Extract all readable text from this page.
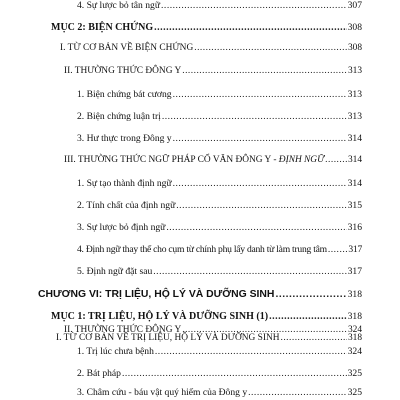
4. Sự lược bỏ tân ngữ .....	307
MỤC 2: BIỆN CHỨNG .....	308
I. TỪ CƠ BẢN VỀ BIỆN CHỨNG .....	308
II. THƯỜNG THỨC ĐÔNG Y .....	313
1. Biện chứng bát cương .....	313
2. Biện chứng luận trị .....	313
3. Hư thực trong Đông y .....	314
III. THƯỜNG THỨC NGỮ PHÁP CỔ VĂN ĐÔNG Y - ĐỊNH NGỮ .....	314
1. Sự tạo thành định ngữ .....	314
2. Tính chất của định ngữ .....	315
3. Sự lược bỏ định ngữ .....	316
4. Định ngữ thay thế cho cụm từ chính phụ lấy danh từ làm trung tâm ..... 317
5. Định ngữ đặt sau .....	317
CHƯƠNG VI: TRỊ LIỆU, HỘ LÝ VÀ DƯỠNG SINH .....	318
MỤC 1: TRỊ LIỆU, HỘ LÝ VÀ DƯỠNG SINH (1) .....	318
I. TỪ CƠ BẢN VỀ TRỊ LIỆU, HỘ LÝ VÀ DƯỠNG SINH .....	318
II. THƯỜNG THỨC ĐÔNG Y .....	324
1. Trị lúc chưa bệnh .....	324
2. Bát pháp .....	325
3. Châm cứu - báu vật quý hiếm của Đông y .....	325
